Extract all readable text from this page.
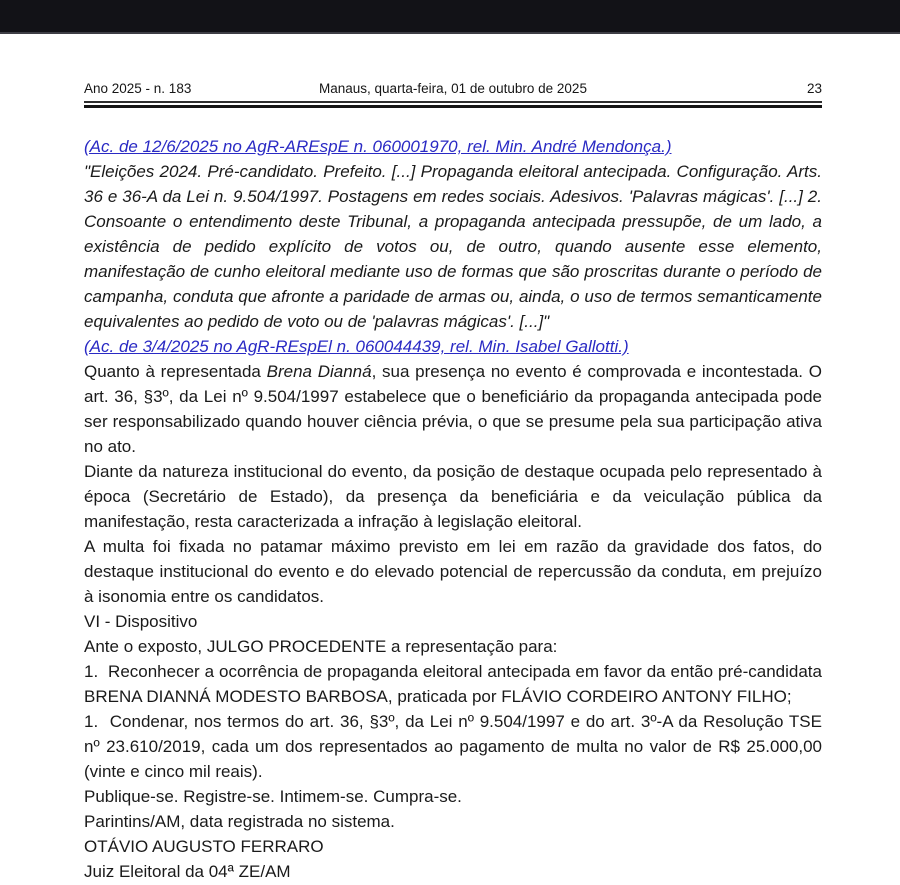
Ano 2025 - n. 183	Manaus, quarta-feira, 01 de outubro de 2025	23

(Ac. de 12/6/2025 no AgR-AREspE n. 060001970, rel. Min. André Mendonça.)

"Eleições 2024. Pré-candidato. Prefeito. [...] Propaganda eleitoral antecipada. Configuração. Arts. 36 e 36-A da Lei n. 9.504/1997. Postagens em redes sociais. Adesivos. 'Palavras mágicas'. [...] 2. Consoante o entendimento deste Tribunal, a propaganda antecipada pressupõe, de um lado, a existência de pedido explícito de votos ou, de outro, quando ausente esse elemento, manifestação de cunho eleitoral mediante uso de formas que são proscritas durante o período de campanha, conduta que afronte a paridade de armas ou, ainda, o uso de termos semanticamente equivalentes ao pedido de voto ou de 'palavras mágicas'. [...]"

(Ac. de 3/4/2025 no AgR-REspEl n. 060044439, rel. Min. Isabel Gallotti.)

Quanto à representada Brena Dianná, sua presença no evento é comprovada e incontestada. O art. 36, §3º, da Lei nº 9.504/1997 estabelece que o beneficiário da propaganda antecipada pode ser responsabilizado quando houver ciência prévia, o que se presume pela sua participação ativa no ato.

Diante da natureza institucional do evento, da posição de destaque ocupada pelo representado à época (Secretário de Estado), da presença da beneficiária e da veiculação pública da manifestação, resta caracterizada a infração à legislação eleitoral.

A multa foi fixada no patamar máximo previsto em lei em razão da gravidade dos fatos, do destaque institucional do evento e do elevado potencial de repercussão da conduta, em prejuízo à isonomia entre os candidatos.

VI - Dispositivo

Ante o exposto, JULGO PROCEDENTE a representação para:

1.  Reconhecer a ocorrência de propaganda eleitoral antecipada em favor da então pré-candidata BRENA DIANNÁ MODESTO BARBOSA, praticada por FLÁVIO CORDEIRO ANTONY FILHO;

1.  Condenar, nos termos do art. 36, §3º, da Lei nº 9.504/1997 e do art. 3º-A da Resolução TSE nº 23.610/2019, cada um dos representados ao pagamento de multa no valor de R$ 25.000,00 (vinte e cinco mil reais).

Publique-se. Registre-se. Intimem-se. Cumpra-se.

Parintins/AM, data registrada no sistema.

OTÁVIO AUGUSTO FERRARO

Juiz Eleitoral da 04ª ZE/AM
